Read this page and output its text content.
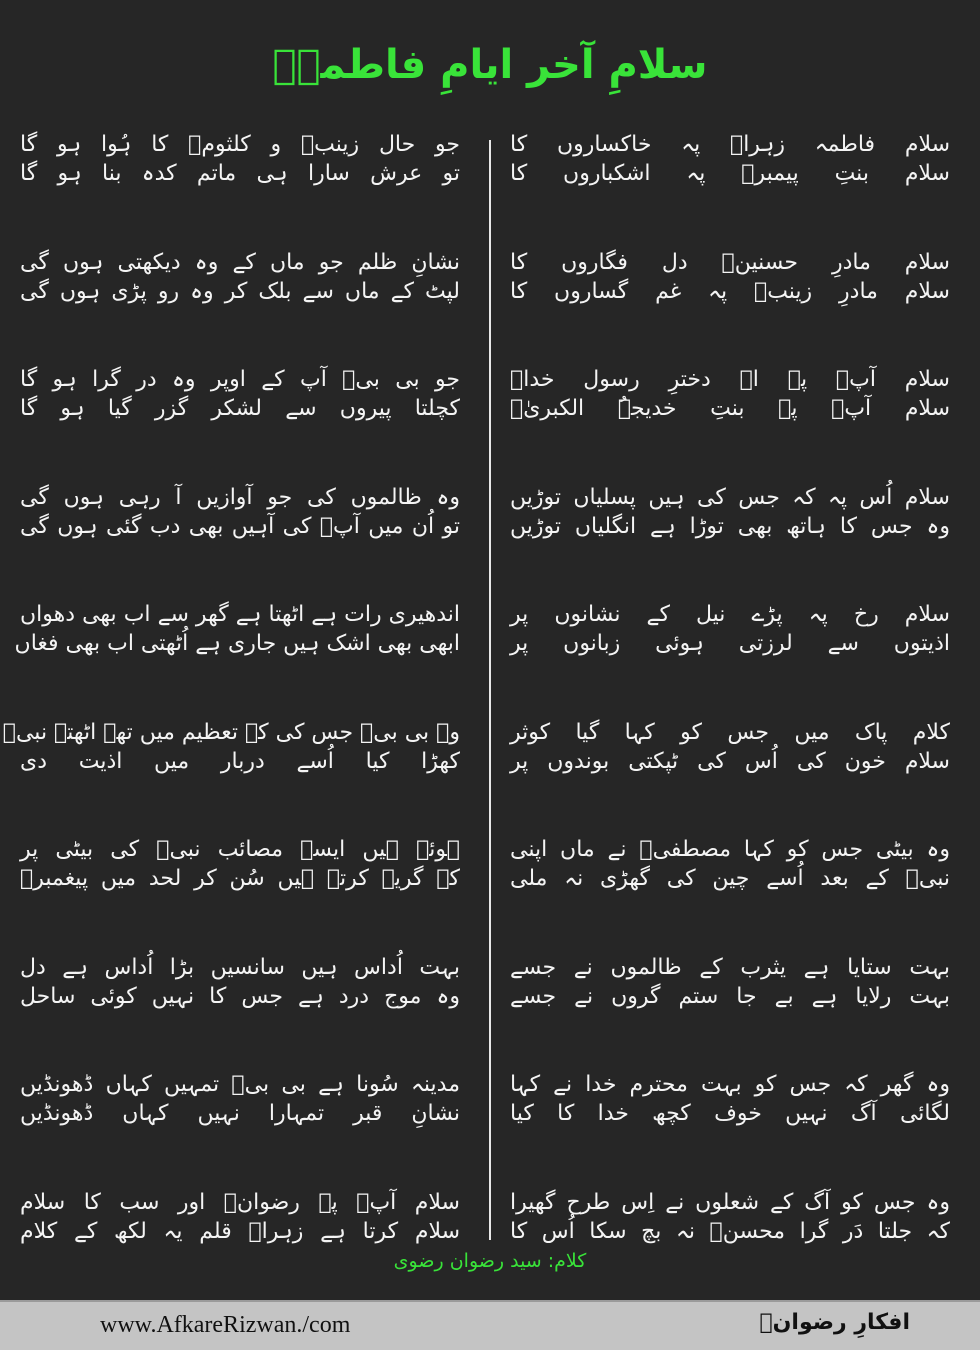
سلامِ آخر ایامِ فاطمہؑ
سلام فاطمہ زہراؑ پہ خاکساروں کا
سلام بنتِ پیمبرؐ پہ اشکباروں کا
سلام مادرِ حسنینؑ دل فگاروں کا
سلام مادرِ زینبؑ پہ غم گساروں کا
سلام آپؑ پہ اے دخترِ رسول خداؐ
سلام آپؑ پہ بنتِ خدیجۃُ الکبریٰؑ
سلام اُس پہ کہ جس کی ہیں پسلیاں توڑیں
وہ جس کا ہاتھ بھی توڑا ہے انگلیاں توڑیں
سلام رخ پہ پڑے نیل کے نشانوں پر
اذیتوں سے لرزتی ہوئی زبانوں پر
کلام پاک میں جس کو کہا گیا کوثر
سلام خون کی اُس کی ٹپکتی بوندوں پر
وہ بیٹی جس کو کہا مصطفیؐ نے ماں اپنی
نبیؐ کے بعد اُسے چین کی گھڑی نہ ملی
بہت ستایا ہے یثرب کے ظالموں نے جسے
بہت رلایا ہے بے جا ستم گروں نے جسے
وہ گھر کہ جس کو بہت محترم خدا نے کہا
لگائی آگ نہیں خوف کچھ خدا کا کیا
وہ جس کو آگ کے شعلوں نے اِس طرح گھیرا
کہ جلتا دَر گرا محسنؑ نہ بچ سکا اُس کا
جو حال زینبؑ و کلثومؑ کا ہُوا ہو گا
تو عرش سارا ہی ماتم کدہ بنا ہو گا
نشانِ ظلم جو ماں کے وہ دیکھتی ہوں گی
لپٹ کے ماں سے بلک کر وہ رو پڑی ہوں گی
جو بی بیؑ آپ کے اوپر وہ در گرا ہو گا
کچلتا پیروں سے لشکر گزر گیا ہو گا
وہ ظالموں کی جو آوازیں آ رہی ہوں گی
تو اُن میں آپؑ کی آہیں بھی دب گئی ہوں گی
اندھیری رات ہے اٹھتا ہے گھر سے اب بھی دھواں
ابھی بھی اشک ہیں جاری ہے اُٹھتی اب بھی فغاں
وہ بی بیؑ جس کی کہ تعظیم میں تھے اٹھتے نبیؐ
کھڑا کیا اُسے دربار میں اذیت دی
ہوئے ہیں ایسے مصائب نبیؐ کی بیٹی پر
کہ گریہ کرتے ہیں سُن کر لحد میں پیغمبرؐ
بہت اُداس ہیں سانسیں بڑا اُداس ہے دل
وہ موج درد ہے جس کا نہیں کوئی ساحل
مدینہ سُونا ہے بی بیؑ تمہیں کہاں ڈھونڈیں
نشانِ قبر تمہارا نہیں کہاں ڈھونڈیں
سلام آپؑ پہ رضوانؔ اور سب کا سلام
سلام کرتا ہے زہراؑ قلم یہ لکھ کے کلام
کلام: سید رضوان رضوی
www.AfkareRizwan./com	افکارِ رضوانؔ
